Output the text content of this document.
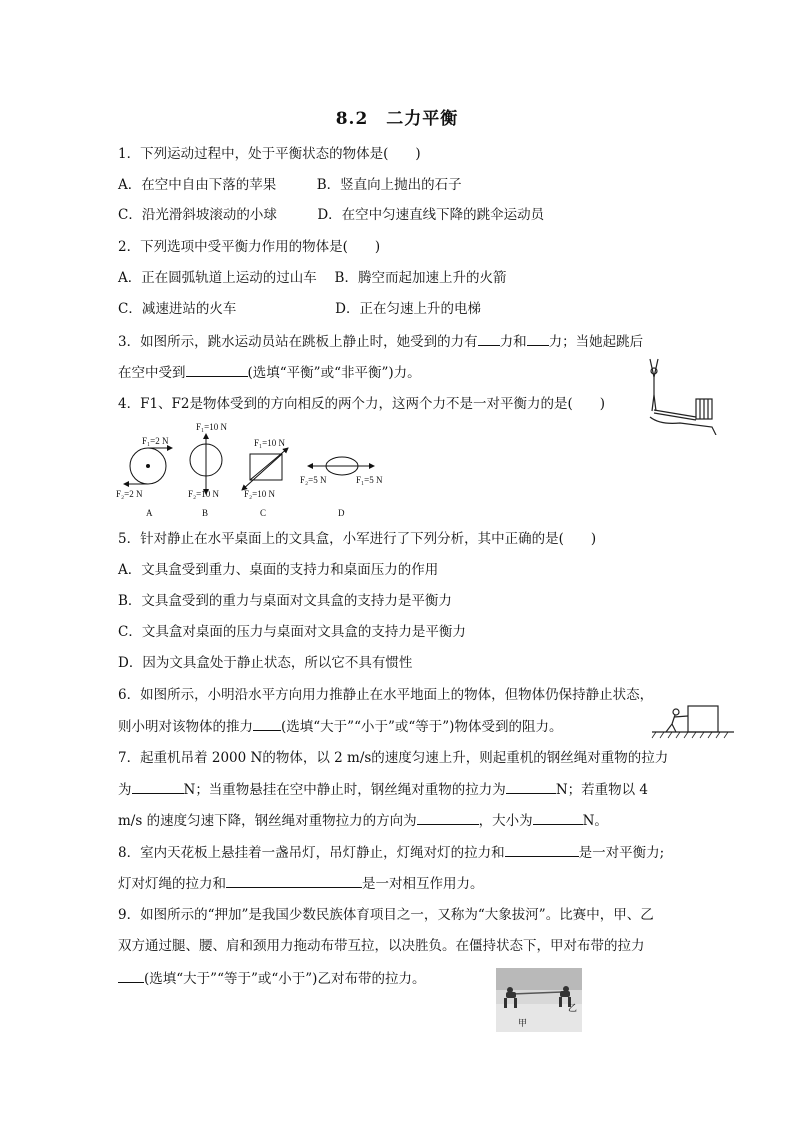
8.2　二力平衡
1．下列运动过程中，处于平衡状态的物体是(　　)
A．在空中自由下落的苹果　　　B．竖直向上抛出的石子
C．沿光滑斜坡滚动的小球　　　D．在空中匀速直线下降的跳伞运动员
2．下列选项中受平衡力作用的物体是(　　)
A．正在圆弧轨道上运动的过山车　 B．腾空而起加速上升的火箭
C．减速进站的火车　　　　　　　 D．正在匀速上升的电梯
3．如图所示，跳水运动员站在跳板上静止时，她受到的力有 力和 力；当她起跳后
在空中受到	(选填“平衡”或“非平衡”)力。
4．F1、F2是物体受到的方向相反的两个力，这两个力不是一对平衡力的是(　　)
F₁=2 N
F₂=2 N
A
F₁=10 N
F₂=10 N
B
F₁=10 N
F₂=10 N
C
F₂=5 N	F₁=5 N
D
5．针对静止在水平桌面上的文具盒，小军进行了下列分析，其中正确的是(　　)
A．文具盒受到重力、桌面的支持力和桌面压力的作用
B．文具盒受到的重力与桌面对文具盒的支持力是平衡力
C．文具盒对桌面的压力与桌面对文具盒的支持力是平衡力
D．因为文具盒处于静止状态，所以它不具有惯性
6．如图所示，小明沿水平方向用力推静止在水平地面上的物体，但物体仍保持静止状态，
则小明对该物体的推力 (选填“大于”“小于”或“等于”)物体受到的阻力。
7．起重机吊着 2000 N的物体，以 2 m/s的速度匀速上升，则起重机的钢丝绳对重物的拉力
为	N；当重物悬挂在空中静止时，钢丝绳对重物的拉力为	N；若重物以 4
m/s 的速度匀速下降，钢丝绳对重物拉力的方向为	，大小为	N。
8．室内天花板上悬挂着一盏吊灯，吊灯静止，灯绳对灯的拉力和	是一对平衡力;
灯对灯绳的拉力和	是一对相互作用力。
9．如图所示的“押加”是我国少数民族体育项目之一，又称为“大象拔河”。比赛中，甲、乙
双方通过腿、腰、肩和颈用力拖动布带互拉，以决胜负。在僵持状态下，甲对布带的拉力
(选填“大于”“等于”或“小于”)乙对布带的拉力。
甲
乙
